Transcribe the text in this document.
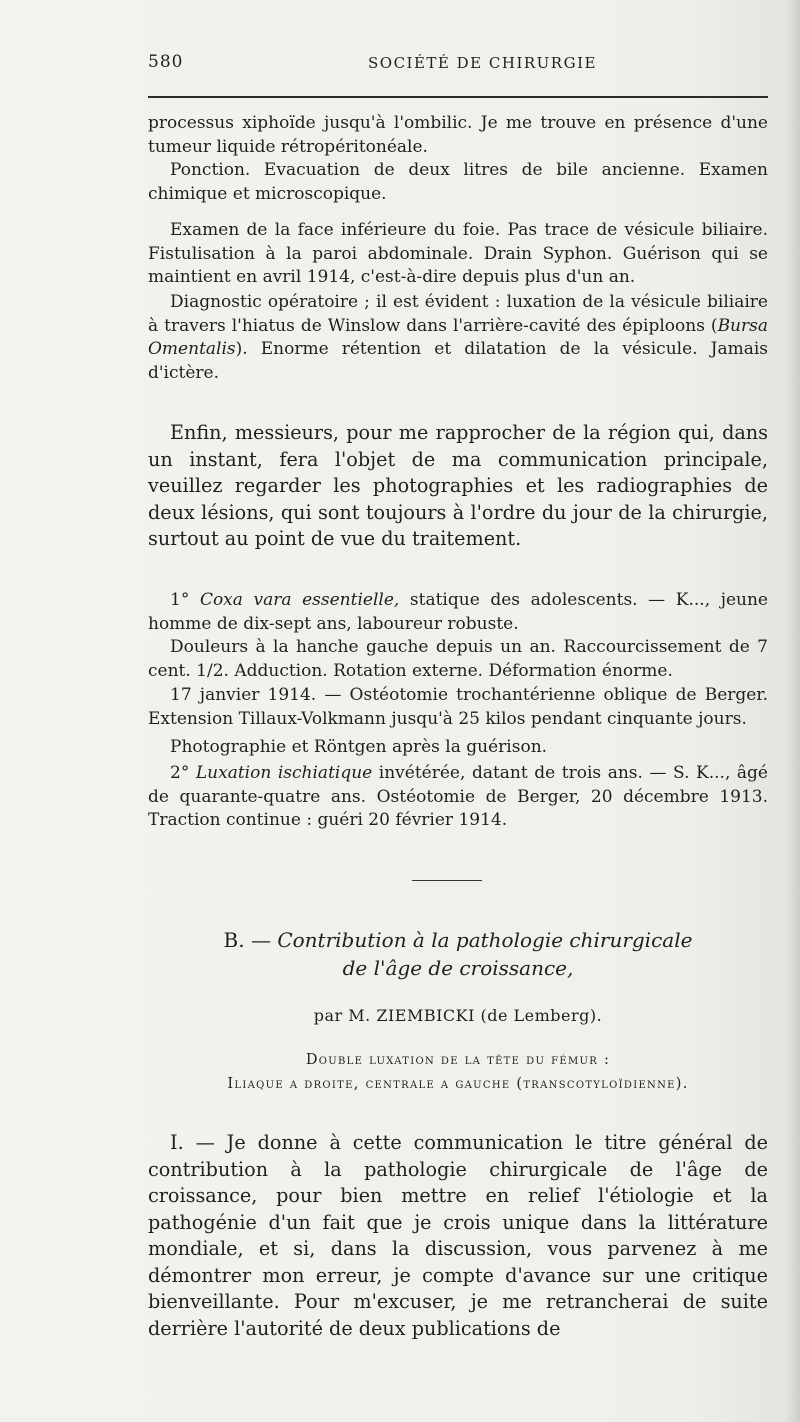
580	SOCIÉTÉ DE CHIRURGIE

processus xiphoïde jusqu'à l'ombilic. Je me trouve en présence d'une tumeur liquide rétropéritonéale.

Ponction. Evacuation de deux litres de bile ancienne. Examen chimique et microscopique.

Examen de la face inférieure du foie. Pas trace de vésicule biliaire. Fistulisation à la paroi abdominale. Drain Syphon. Guérison qui se maintient en avril 1914, c'est-à-dire depuis plus d'un an.

Diagnostic opératoire ; il est évident : luxation de la vésicule biliaire à travers l'hiatus de Winslow dans l'arrière-cavité des épiploons (Bursa Omentalis). Enorme rétention et dilatation de la vésicule. Jamais d'ictère.

Enfin, messieurs, pour me rapprocher de la région qui, dans un instant, fera l'objet de ma communication principale, veuillez regarder les photographies et les radiographies de deux lésions, qui sont toujours à l'ordre du jour de la chirurgie, surtout au point de vue du traitement.

1° Coxa vara essentielle, statique des adolescents. — K..., jeune homme de dix-sept ans, laboureur robuste.

Douleurs à la hanche gauche depuis un an. Raccourcissement de 7 cent. 1/2. Adduction. Rotation externe. Déformation énorme.

17 janvier 1914. — Ostéotomie trochantérienne oblique de Berger. Extension Tillaux-Volkmann jusqu'à 25 kilos pendant cinquante jours.

Photographie et Röntgen après la guérison.

2° Luxation ischiatique invétérée, datant de trois ans. — S. K..., âgé de quarante-quatre ans. Ostéotomie de Berger, 20 décembre 1913. Traction continue : guéri 20 février 1914.

B. — Contribution à la pathologie chirurgicale

de l'âge de croissance,

par M. ZIEMBICKI (de Lemberg).

Double luxation de la tête du fémur :

Iliaque a droite, centrale a gauche (transcotyloïdienne).

I. — Je donne à cette communication le titre général de contribution à la pathologie chirurgicale de l'âge de croissance, pour bien mettre en relief l'étiologie et la pathogénie d'un fait que je crois unique dans la littérature mondiale, et si, dans la discussion, vous parvenez à me démontrer mon erreur, je compte d'avance sur une critique bienveillante. Pour m'excuser, je me retrancherai de suite derrière l'autorité de deux publications de
